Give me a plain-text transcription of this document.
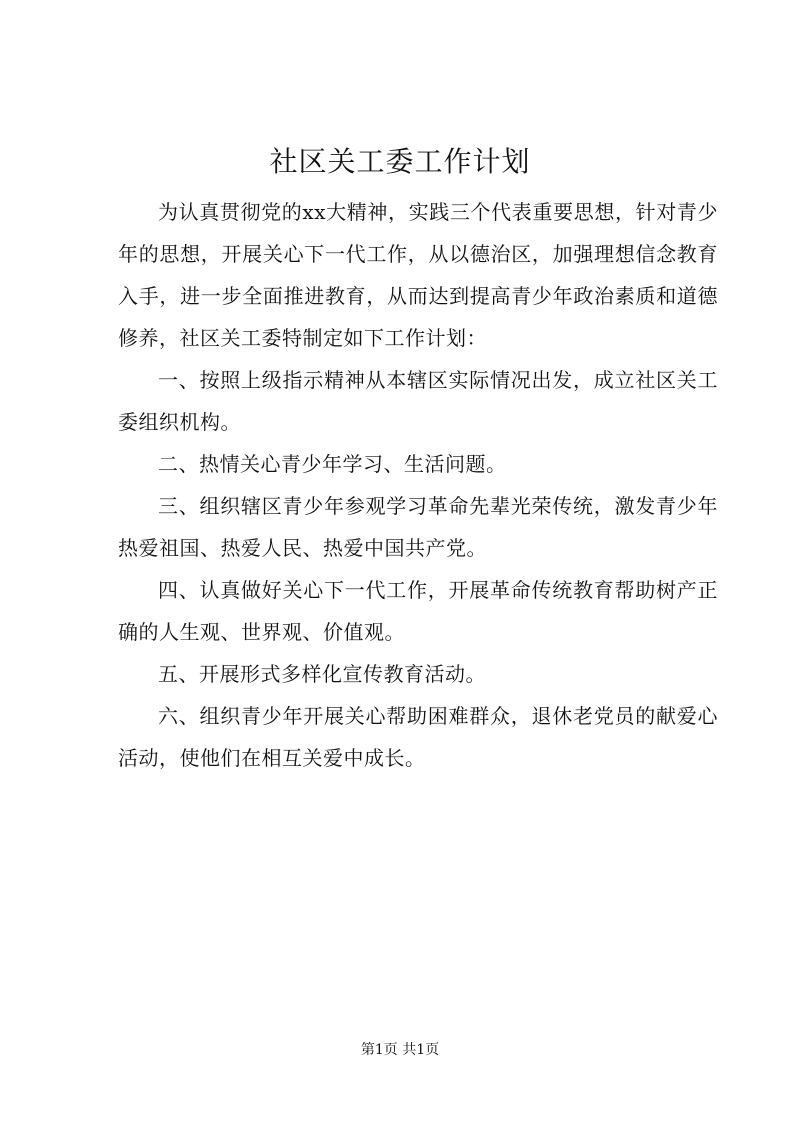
社区关工委工作计划

为认真贯彻党的xx大精神，实践三个代表重要思想，针对青少年的思想，开展关心下一代工作，从以德治区，加强理想信念教育入手，进一步全面推进教育，从而达到提高青少年政治素质和道德修养，社区关工委特制定如下工作计划：

一、按照上级指示精神从本辖区实际情况出发，成立社区关工委组织机构。

二、热情关心青少年学习、生活问题。

三、组织辖区青少年参观学习革命先辈光荣传统，激发青少年热爱祖国、热爱人民、热爱中国共产党。

四、认真做好关心下一代工作，开展革命传统教育帮助树产正确的人生观、世界观、价值观。

五、开展形式多样化宣传教育活动。

六、组织青少年开展关心帮助困难群众，退休老党员的献爱心活动，使他们在相互关爱中成长。

第1页 共1页
